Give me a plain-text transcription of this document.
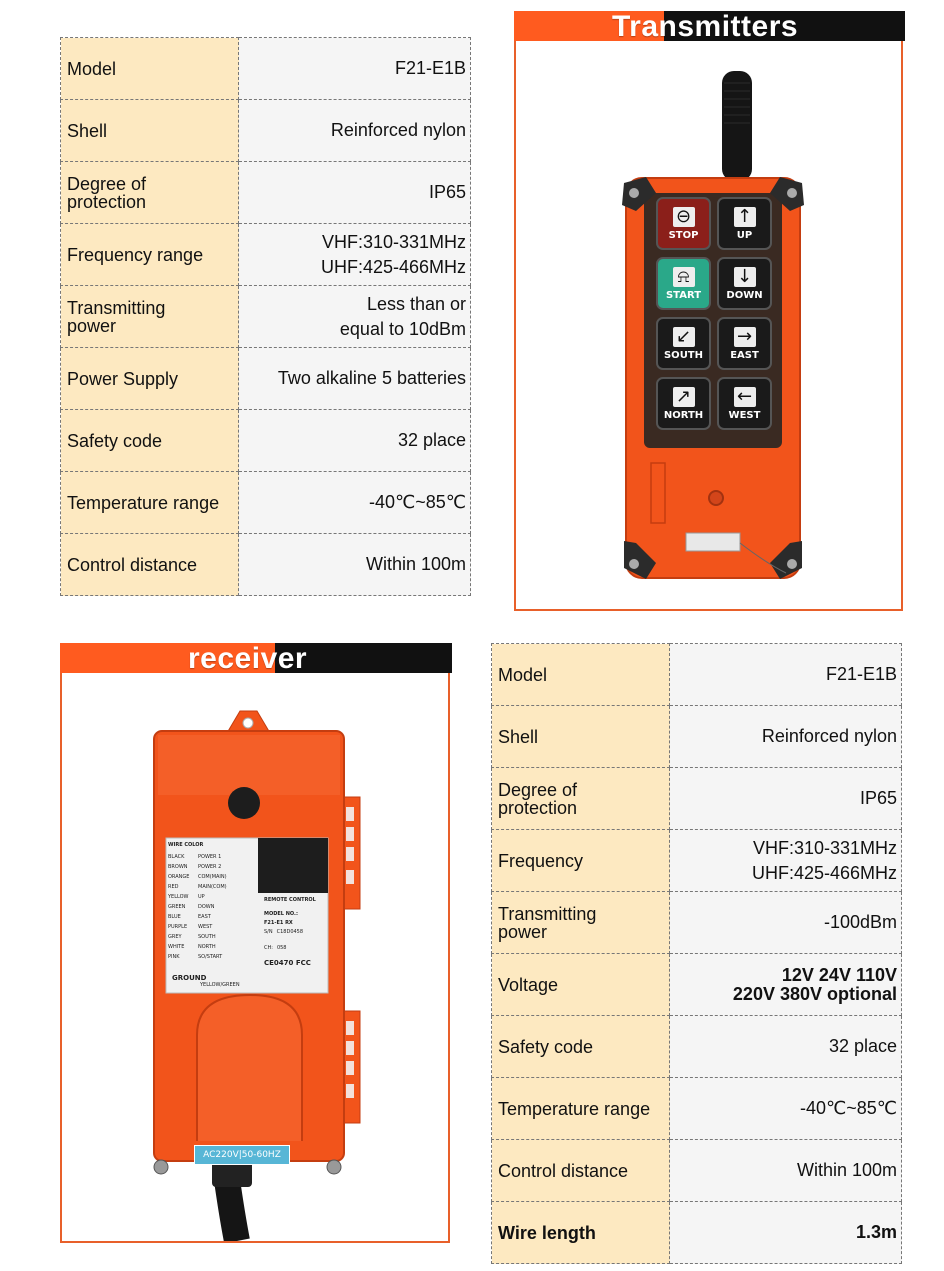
Model	F21-E1B
Shell	Reinforced nylon
Degree of
protection	IP65
Frequency range	VHF:310-331MHz
UHF:425-466MHz
Transmitting
power	Less than or
equal to 10dBm
Power Supply	Two alkaline 5 batteries
Safety code	32 place
Temperature range	-40℃~85℃
Control distance	Within 100m
Transmitters
⊖
STOP
↑
UP
⍾
START
↓
DOWN
↙
SOUTH
→
EAST
↗
NORTH
←
WEST
receiver
WIRE COLOR
BLACK	POWER 1
BROWN	POWER 2
ORANGE	COM(MAIN)
RED	MAIN(COM)
YELLOW	UP
GREEN	DOWN
BLUE	EAST
PURPLE	WEST
GREY	SOUTH
WHITE	NORTH
PINK	SO/START
REMOTE CONTROL
MODEL NO.:
F21-E1 RX
S/N C18D0458
CH: 058
CE0470 FCC
GROUND
YELLOW/GREEN
AC220V|50-60HZ
Model	F21-E1B
Shell	Reinforced nylon
Degree of
protection	IP65
Frequency	VHF:310-331MHz
UHF:425-466MHz
Transmitting
power	-100dBm
Voltage	12V 24V 110V
220V 380V optional
Safety code	32 place
Temperature range	-40℃~85℃
Control distance	Within 100m
Wire length	1.3m
